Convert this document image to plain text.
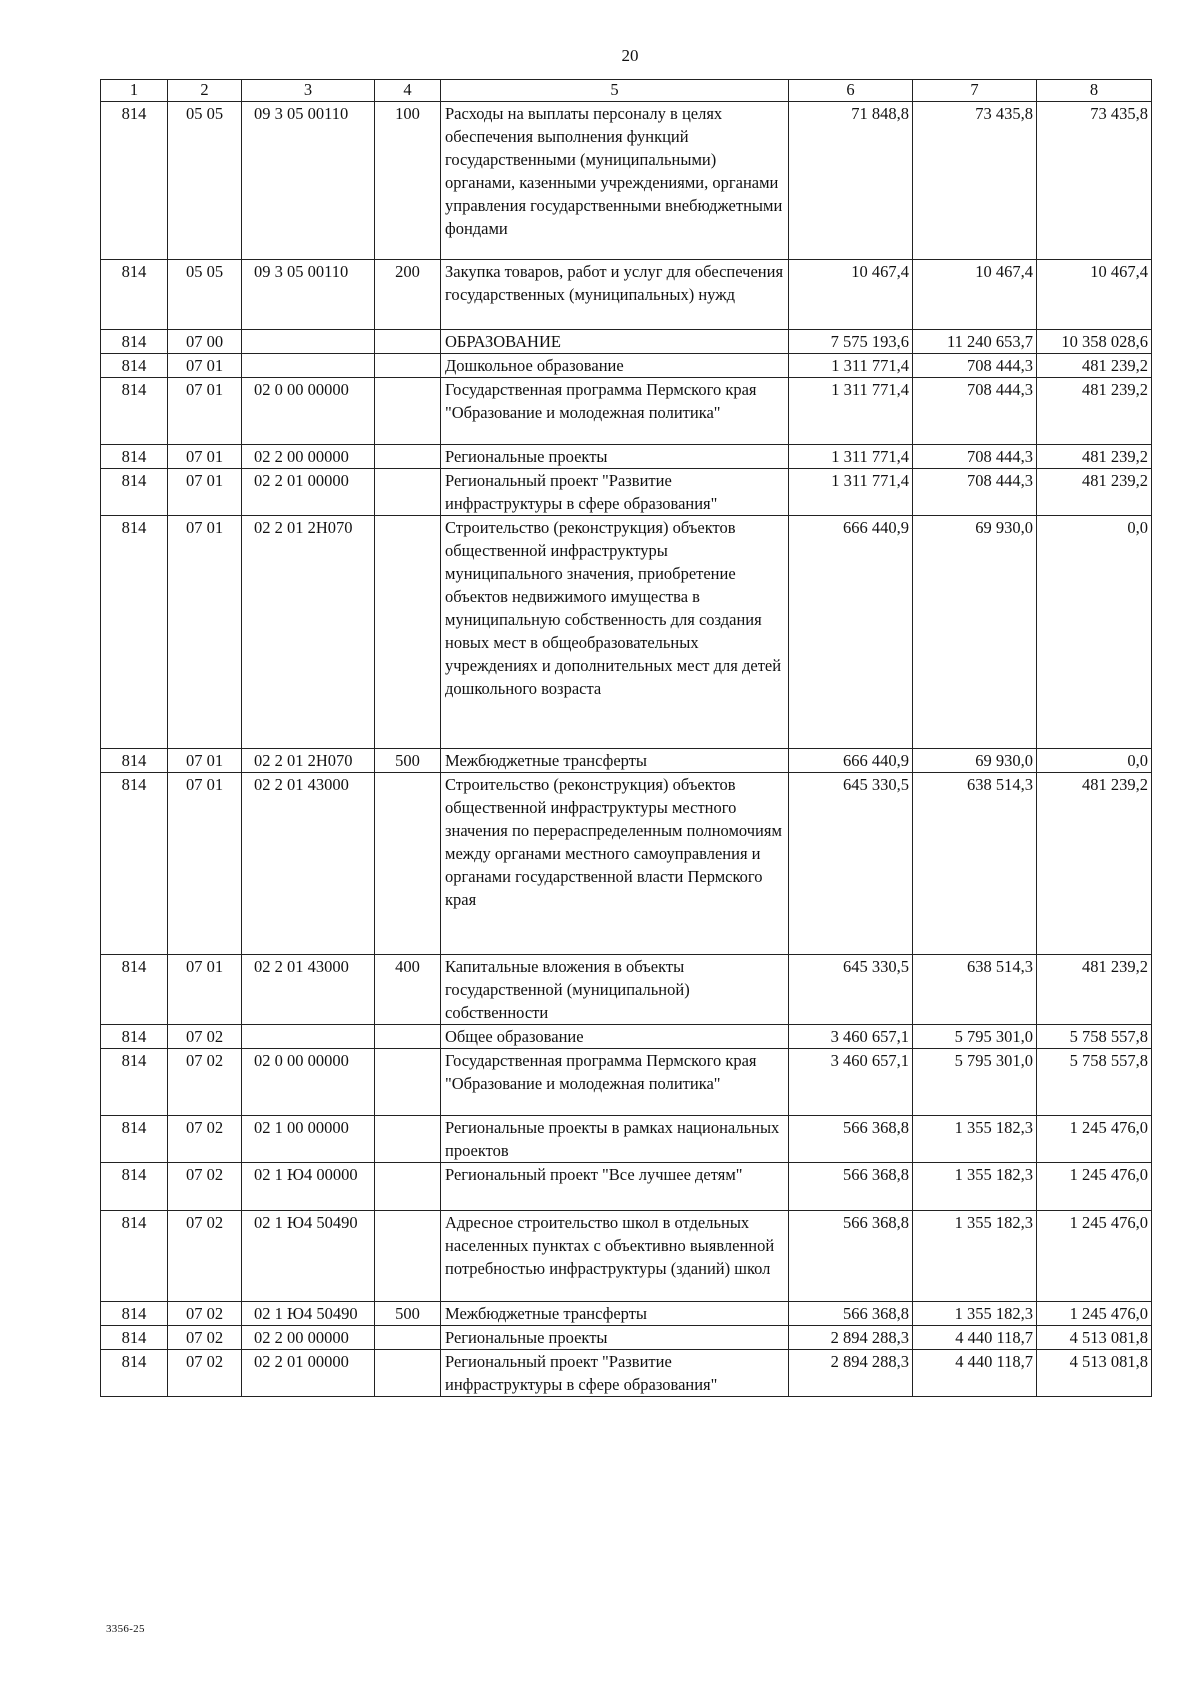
20
1	2	3	4	5	6	7	8
814	05 05	09 3 05 00110	100	Расходы на выплаты персоналу в целях обеспечения выполнения функций государственными (муниципальными) органами, казенными учреждениями, органами управления государственными внебюджетными фондами	71 848,8	73 435,8	73 435,8
814	05 05	09 3 05 00110	200	Закупка товаров, работ и услуг для обеспечения государственных (муниципальных) нужд	10 467,4	10 467,4	10 467,4
814	07 00			ОБРАЗОВАНИЕ	7 575 193,6	11 240 653,7	10 358 028,6
814	07 01			Дошкольное образование	1 311 771,4	708 444,3	481 239,2
814	07 01	02 0 00 00000		Государственная программа Пермского края "Образование и молодежная политика"	1 311 771,4	708 444,3	481 239,2
814	07 01	02 2 00 00000		Региональные проекты	1 311 771,4	708 444,3	481 239,2
814	07 01	02 2 01 00000		Региональный проект "Развитие инфраструктуры в сфере образования"	1 311 771,4	708 444,3	481 239,2
814	07 01	02 2 01 2Н070		Строительство (реконструкция) объектов общественной инфраструктуры муниципального значения, приобретение объектов недвижимого имущества в муниципальную собственность для создания новых мест в общеобразовательных учреждениях и дополнительных мест для детей дошкольного возраста	666 440,9	69 930,0	0,0
814	07 01	02 2 01 2Н070	500	Межбюджетные трансферты	666 440,9	69 930,0	0,0
814	07 01	02 2 01 43000		Строительство (реконструкция) объектов общественной инфраструктуры местного значения по перераспределенным полномочиям между органами местного самоуправления и органами государственной власти Пермского края	645 330,5	638 514,3	481 239,2
814	07 01	02 2 01 43000	400	Капитальные вложения в объекты государственной (муниципальной) собственности	645 330,5	638 514,3	481 239,2
814	07 02			Общее образование	3 460 657,1	5 795 301,0	5 758 557,8
814	07 02	02 0 00 00000		Государственная программа Пермского края "Образование и молодежная политика"	3 460 657,1	5 795 301,0	5 758 557,8
814	07 02	02 1 00 00000		Региональные проекты в рамках национальных проектов	566 368,8	1 355 182,3	1 245 476,0
814	07 02	02 1 Ю4 00000		Региональный проект "Все лучшее детям"	566 368,8	1 355 182,3	1 245 476,0
814	07 02	02 1 Ю4 50490		Адресное строительство школ в отдельных населенных пунктах с объективно выявленной потребностью инфраструктуры (зданий) школ	566 368,8	1 355 182,3	1 245 476,0
814	07 02	02 1 Ю4 50490	500	Межбюджетные трансферты	566 368,8	1 355 182,3	1 245 476,0
814	07 02	02 2 00 00000		Региональные проекты	2 894 288,3	4 440 118,7	4 513 081,8
814	07 02	02 2 01 00000		Региональный проект "Развитие инфраструктуры в сфере образования"	2 894 288,3	4 440 118,7	4 513 081,8
3356-25
